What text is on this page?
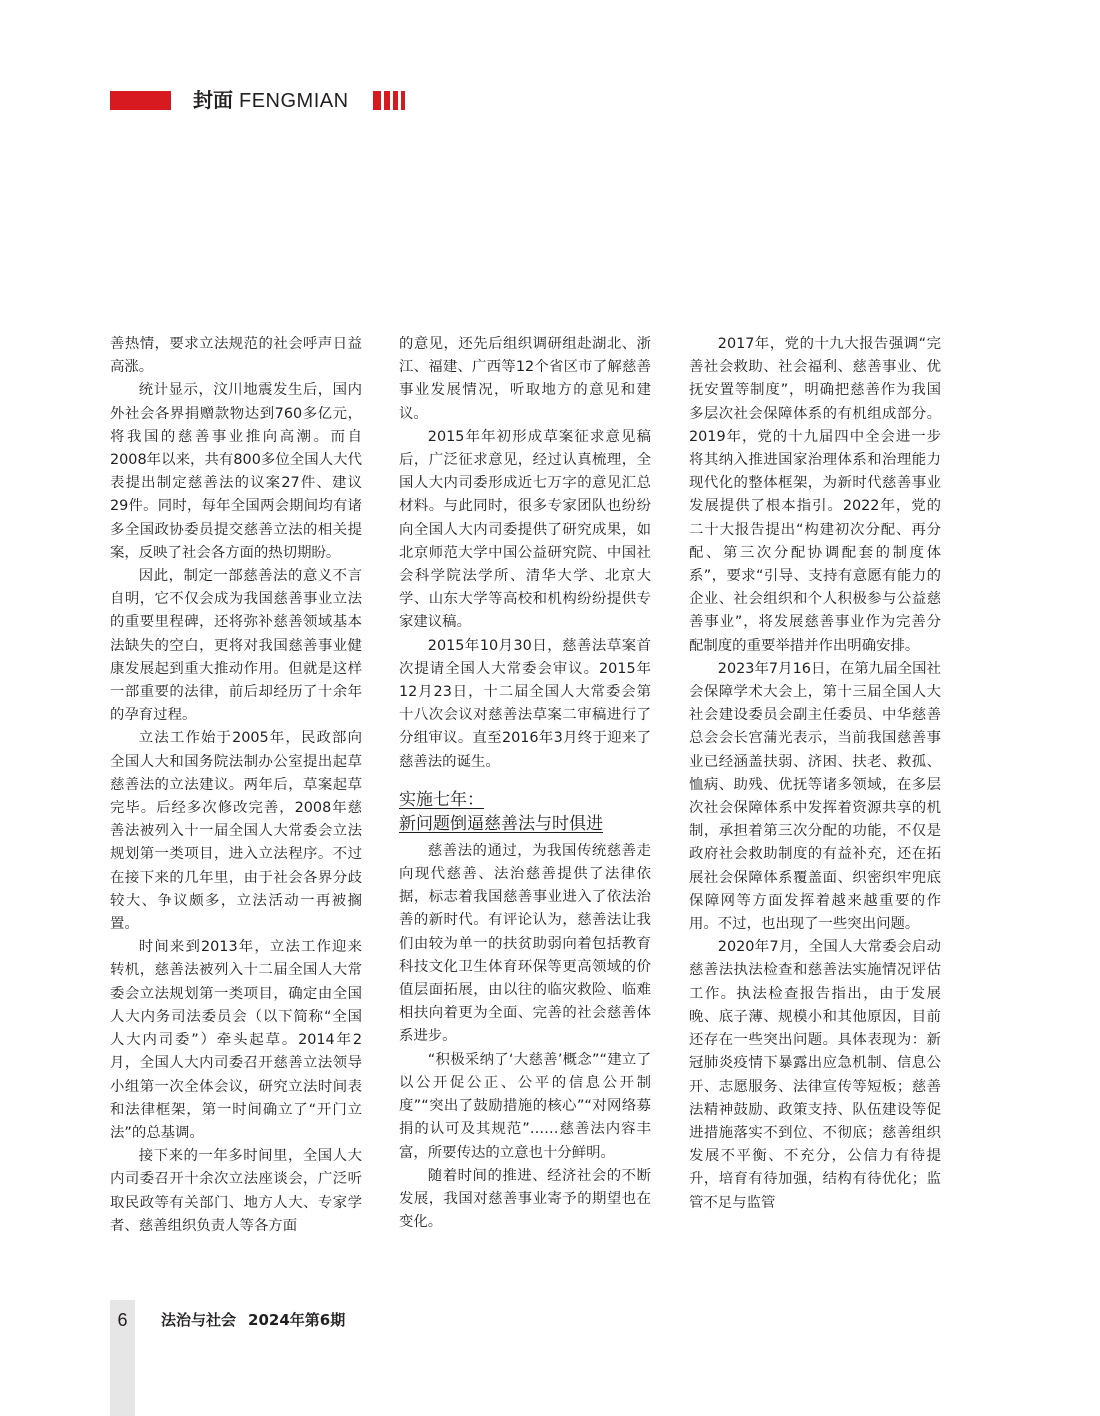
封面 FENGMIAN

善热情，要求立法规范的社会呼声日益高涨。

统计显示，汶川地震发生后，国内外社会各界捐赠款物达到760多亿元，将我国的慈善事业推向高潮。而自2008年以来，共有800多位全国人大代表提出制定慈善法的议案27件、建议29件。同时，每年全国两会期间均有诸多全国政协委员提交慈善立法的相关提案，反映了社会各方面的热切期盼。

因此，制定一部慈善法的意义不言自明，它不仅会成为我国慈善事业立法的重要里程碑，还将弥补慈善领域基本法缺失的空白，更将对我国慈善事业健康发展起到重大推动作用。但就是这样一部重要的法律，前后却经历了十余年的孕育过程。

立法工作始于2005年，民政部向全国人大和国务院法制办公室提出起草慈善法的立法建议。两年后，草案起草完毕。后经多次修改完善，2008年慈善法被列入十一届全国人大常委会立法规划第一类项目，进入立法程序。不过在接下来的几年里，由于社会各界分歧较大、争议颇多，立法活动一再被搁置。

时间来到2013年，立法工作迎来转机，慈善法被列入十二届全国人大常委会立法规划第一类项目，确定由全国人大内务司法委员会（以下简称“全国人大内司委”）牵头起草。2014年2月，全国人大内司委召开慈善立法领导小组第一次全体会议，研究立法时间表和法律框架，第一时间确立了“开门立法”的总基调。

接下来的一年多时间里，全国人大内司委召开十余次立法座谈会，广泛听取民政等有关部门、地方人大、专家学者、慈善组织负责人等各方面

的意见，还先后组织调研组赴湖北、浙江、福建、广西等12个省区市了解慈善事业发展情况，听取地方的意见和建议。

2015年年初形成草案征求意见稿后，广泛征求意见，经过认真梳理，全国人大内司委形成近七万字的意见汇总材料。与此同时，很多专家团队也纷纷向全国人大内司委提供了研究成果，如北京师范大学中国公益研究院、中国社会科学院法学所、清华大学、北京大学、山东大学等高校和机构纷纷提供专家建议稿。

2015年10月30日，慈善法草案首次提请全国人大常委会审议。2015年12月23日，十二届全国人大常委会第十八次会议对慈善法草案二审稿进行了分组审议。直至2016年3月终于迎来了慈善法的诞生。

实施七年：
新问题倒逼慈善法与时俱进

慈善法的通过，为我国传统慈善走向现代慈善、法治慈善提供了法律依据，标志着我国慈善事业进入了依法治善的新时代。有评论认为，慈善法让我们由较为单一的扶贫助弱向着包括教育科技文化卫生体育环保等更高领域的价值层面拓展，由以往的临灾救险、临难相扶向着更为全面、完善的社会慈善体系进步。

“积极采纳了‘大慈善’概念”“建立了以公开促公正、公平的信息公开制度”“突出了鼓励措施的核心”“对网络募捐的认可及其规范”……慈善法内容丰富，所要传达的立意也十分鲜明。

随着时间的推进、经济社会的不断发展，我国对慈善事业寄予的期望也在变化。

2017年，党的十九大报告强调“完善社会救助、社会福利、慈善事业、优抚安置等制度”，明确把慈善作为我国多层次社会保障体系的有机组成部分。2019年，党的十九届四中全会进一步将其纳入推进国家治理体系和治理能力现代化的整体框架，为新时代慈善事业发展提供了根本指引。2022年，党的二十大报告提出“构建初次分配、再分配、第三次分配协调配套的制度体系”，要求“引导、支持有意愿有能力的企业、社会组织和个人积极参与公益慈善事业”，将发展慈善事业作为完善分配制度的重要举措并作出明确安排。

2023年7月16日，在第九届全国社会保障学术大会上，第十三届全国人大社会建设委员会副主任委员、中华慈善总会会长宫蒲光表示，当前我国慈善事业已经涵盖扶弱、济困、扶老、救孤、恤病、助残、优抚等诸多领域，在多层次社会保障体系中发挥着资源共享的机制，承担着第三次分配的功能，不仅是政府社会救助制度的有益补充，还在拓展社会保障体系覆盖面、织密织牢兜底保障网等方面发挥着越来越重要的作用。不过，也出现了一些突出问题。

2020年7月，全国人大常委会启动慈善法执法检查和慈善法实施情况评估工作。执法检查报告指出，由于发展晚、底子薄、规模小和其他原因，目前还存在一些突出问题。具体表现为：新冠肺炎疫情下暴露出应急机制、信息公开、志愿服务、法律宣传等短板；慈善法精神鼓励、政策支持、队伍建设等促进措施落实不到位、不彻底；慈善组织发展不平衡、不充分，公信力有待提升，培育有待加强，结构有待优化；监管不足与监管

6	法治与社会 2024年第6期
